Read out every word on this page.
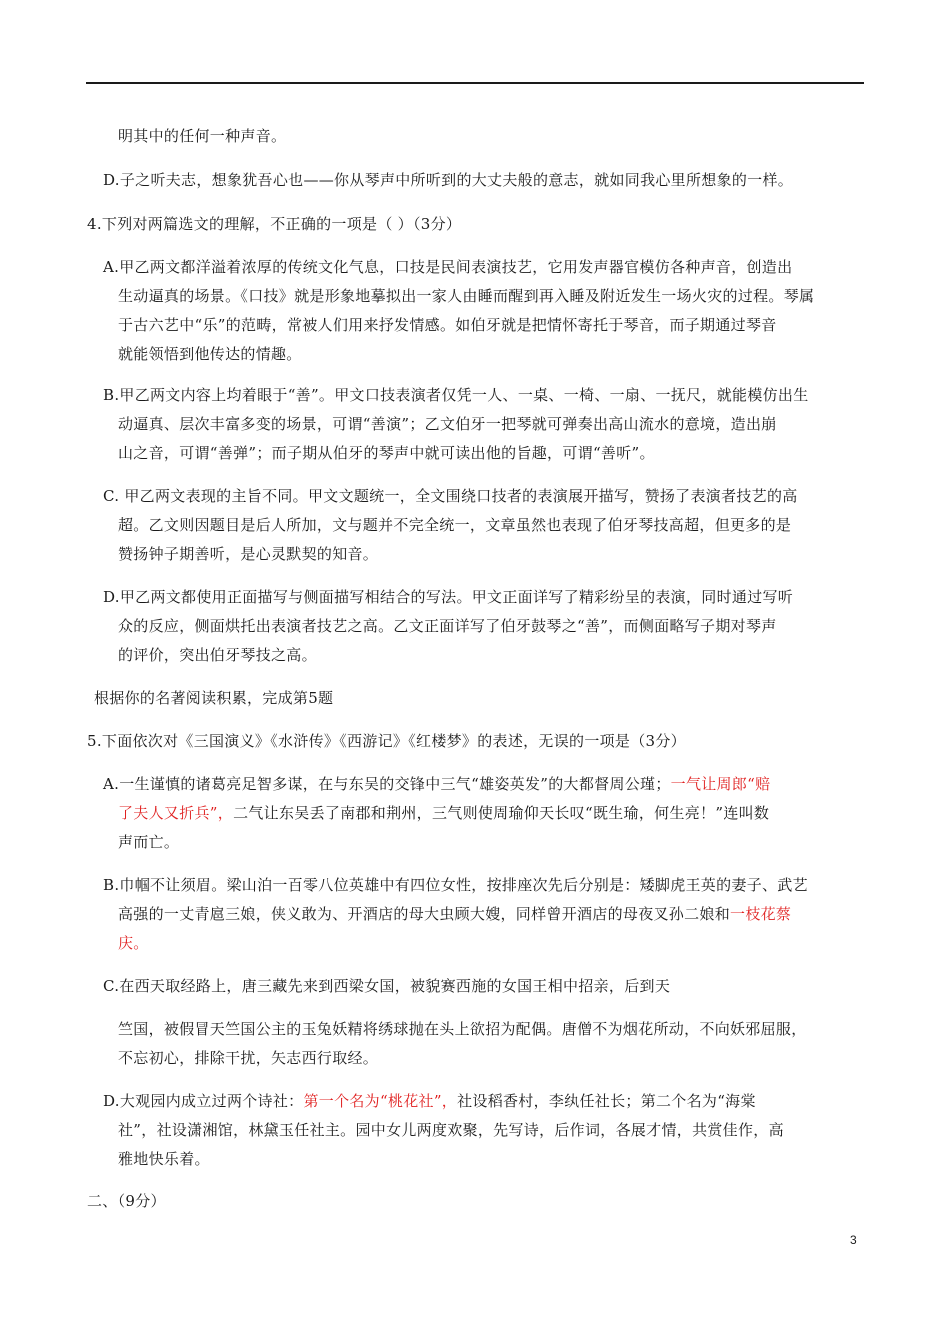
明其中的任何一种声音。
D.子之听夫志，想象犹吾心也——你从琴声中所听到的大丈夫般的意志，就如同我心里所想象的一样。
4.下列对两篇选文的理解，不正确的一项是（ ）（3分）
A.甲乙两文都洋溢着浓厚的传统文化气息，口技是民间表演技艺，它用发声器官模仿各种声音，创造出
生动逼真的场景。《口技》就是形象地摹拟出一家人由睡而醒到再入睡及附近发生一场火灾的过程。琴属
于古六艺中“乐”的范畴，常被人们用来抒发情感。如伯牙就是把情怀寄托于琴音，而子期通过琴音
就能领悟到他传达的情趣。
B.甲乙两文内容上均着眼于“善”。甲文口技表演者仅凭一人、一桌、一椅、一扇、一抚尺，就能模仿出生
动逼真、层次丰富多变的场景，可谓“善演”；乙文伯牙一把琴就可弹奏出高山流水的意境，造出崩
山之音，可谓“善弹”；而子期从伯牙的琴声中就可读出他的旨趣，可谓“善听”。
C. 甲乙两文表现的主旨不同。甲文文题统一，全文围绕口技者的表演展开描写，赞扬了表演者技艺的高
超。乙文则因题目是后人所加，文与题并不完全统一，文章虽然也表现了伯牙琴技高超，但更多的是
赞扬钟子期善听，是心灵默契的知音。
D.甲乙两文都使用正面描写与侧面描写相结合的写法。甲文正面详写了精彩纷呈的表演，同时通过写听
众的反应，侧面烘托出表演者技艺之高。乙文正面详写了伯牙鼓琴之“善”，而侧面略写子期对琴声
的评价，突出伯牙琴技之高。
根据你的名著阅读积累，完成第5题
5.下面依次对《三国演义》《水浒传》《西游记》《红楼梦》的表述，无误的一项是（3分）
A.一生谨慎的诸葛亮足智多谋，在与东吴的交锋中三气“雄姿英发”的大都督周公瑾；一气让周郎“赔
了夫人又折兵”，二气让东吴丢了南郡和荆州，三气则使周瑜仰天长叹“既生瑜，何生亮！”连叫数
声而亡。
B.巾帼不让须眉。梁山泊一百零八位英雄中有四位女性，按排座次先后分别是：矮脚虎王英的妻子、武艺
高强的一丈青扈三娘，侠义敢为、开酒店的母大虫顾大嫂，同样曾开酒店的母夜叉孙二娘和一枝花蔡
庆。
C.在西天取经路上，唐三藏先来到西梁女国，被貌赛西施的女国王相中招亲，后到天
竺国，被假冒天竺国公主的玉兔妖精将绣球抛在头上欲招为配偶。唐僧不为烟花所动，不向妖邪屈服，
不忘初心，排除干扰，矢志西行取经。
D.大观园内成立过两个诗社：第一个名为“桃花社”，社设稻香村，李纨任社长；第二个名为“海棠
社”，社设潇湘馆，林黛玉任社主。园中女儿两度欢聚，先写诗，后作词，各展才情，共赏佳作，高
雅地快乐着。
二、（9分）
3
